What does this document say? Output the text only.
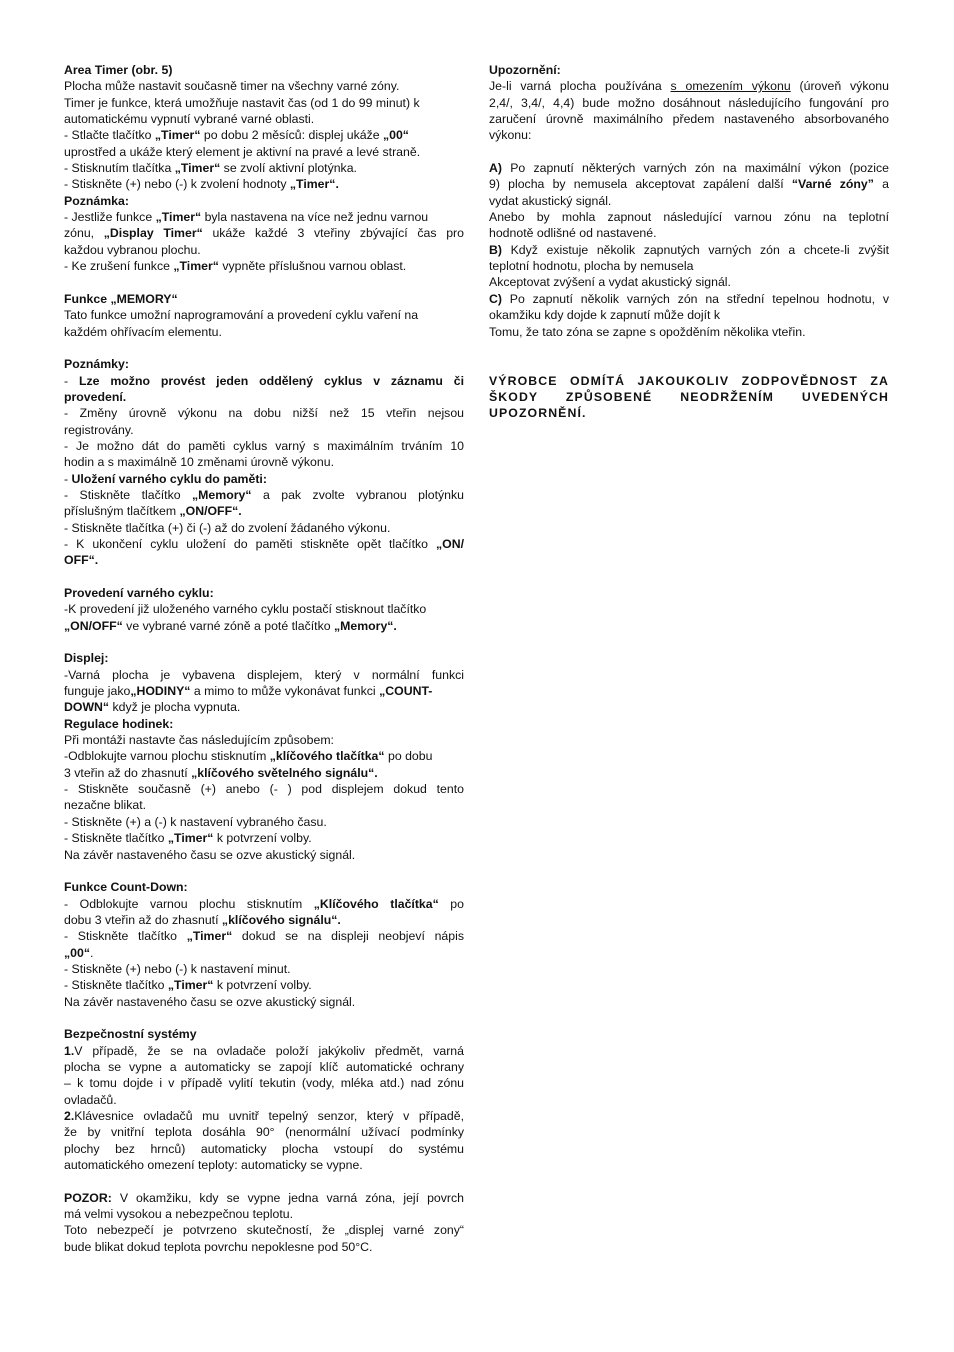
Area Timer (obr. 5)
Plocha může nastavit současně timer na všechny varné zóny.
Timer je funkce, která umožňuje nastavit čas (od 1 do 99 minut) k
automatickému vypnutí vybrané varné oblasti.
- Stlačte tlačítko „Timer“ po dobu 2 měsíců: displej ukáže „00“
uprostřed a ukáže který element je aktivní na pravé a levé straně.
- Stisknutím tlačítka „Timer“ se zvolí aktivní plotýnka.
- Stiskněte (+) nebo (-) k zvolení hodnoty „Timer“.
Poznámka:
- Jestliže funkce „Timer“ byla nastavena na více než jednu varnou
zónu, „Display Timer“ ukáže každé 3 vteřiny zbývající čas pro
každou vybranou plochu.
- Ke zrušení funkce „Timer“ vypněte příslušnou varnou oblast.
Funkce „MEMORY“
Tato funkce umožní naprogramování a provedení cyklu vaření na
každém ohřívacím elementu.
Poznámky:
- Lze možno provést jeden oddělený cyklus v záznamu či
provedení.
- Změny úrovně výkonu na dobu nižší než 15 vteřin nejsou
registrovány.
- Je možno dát do paměti cyklus varný s maximálním trváním 10
hodin a s maximálně 10 změnami úrovně výkonu.
- Uložení varného cyklu do paměti:
- Stiskněte tlačítko „Memory“ a pak zvolte vybranou plotýnku
příslušným tlačítkem „ON/OFF“.
- Stiskněte tlačítka (+) či (-) až do zvolení žádaného výkonu.
- K ukončení cyklu uložení do paměti stiskněte opět tlačítko „ON/
OFF“.
Provedení varného cyklu:
-K provedení již uloženého varného cyklu postačí stisknout tlačítko
„ON/OFF“ ve vybrané varné zóně a poté tlačítko „Memory“.
Displej:
-Varná plocha je vybavena displejem, který v normální funkci
funguje jako„HODINY“ a mimo to může vykonávat funkci „COUNT-
DOWN“ když je plocha vypnuta.
Regulace hodinek:
Při montáži nastavte čas následujícím způsobem:
-Odblokujte varnou plochu stisknutím „klíčového tlačítka“ po dobu
3 vteřin až do zhasnutí „klíčového světelného signálu“.
- Stiskněte současně (+) anebo (- ) pod displejem dokud tento
nezačne blikat.
- Stiskněte (+) a (-) k nastavení vybraného času.
- Stiskněte tlačítko „Timer“ k potvrzení volby.
Na závěr nastaveného času se ozve akustický signál.
Funkce Count-Down:
- Odblokujte varnou plochu stisknutím „Klíčového tlačítka“ po
dobu 3 vteřin až do zhasnutí „klíčového signálu“.
- Stiskněte tlačítko „Timer“ dokud se na displeji neobjeví nápis
„00“.
- Stiskněte (+) nebo (-) k nastavení minut.
- Stiskněte tlačítko „Timer“ k potvrzení volby.
Na závěr nastaveného času se ozve akustický signál.
Bezpečnostní systémy
1.V případě, že se na ovladače položí jakýkoliv předmět, varná
plocha se vypne a automaticky se zapojí klíč automatické ochrany
– k tomu dojde i v případě vylití tekutin (vody, mléka atd.) nad zónu
ovladačů.
2.Klávesnice ovladačů mu uvnitř tepelný senzor, který v případě,
že by vnitřní teplota dosáhla 90° (nenormální užívací podmínky
plochy bez hrnců) automaticky plocha vstoupí do systému
automatického omezení teploty: automaticky se vypne.
POZOR: V okamžiku, kdy se vypne jedna varná zóna, její povrch
má velmi vysokou a nebezpečnou teplotu.
Toto nebezpečí je potvrzeno skutečností, že „displej varné zony“
bude blikat dokud teplota povrchu nepoklesne pod 50°C.
Upozornění:
Je-li varná plocha používána s omezením výkonu (úroveň výkonu
2,4/, 3,4/, 4,4) bude možno dosáhnout následujícího fungování pro
zaručení úrovně maximálního předem nastaveného absorbovaného
výkonu:
A) Po zapnutí některých varných zón na maximální výkon (pozice
9) plocha by nemusela akceptovat zapálení další “Varné zóny” a
vydat akustický signál.
Anebo by mohla zapnout následující varnou zónu na teplotní
hodnotě odlišné od nastavené.
B) Když existuje několik zapnutých varných zón a chcete-li zvýšit
teplotní hodnotu, plocha by nemusela
Akceptovat zvýšení a vydat akustický signál.
C) Po zapnutí několik varných zón na střední tepelnou hodnotu, v
okamžiku kdy dojde k zapnutí může dojít k
Tomu, že tato zóna se zapne s opožděním několika vteřin.
VÝROBCE ODMÍTÁ JAKOUKOLIV ZODPOVĚDNOST ZA
ŠKODY ZPŮSOBENÉ NEODRŽENÍM UVEDENÝCH
UPOZORNĚNÍ.
